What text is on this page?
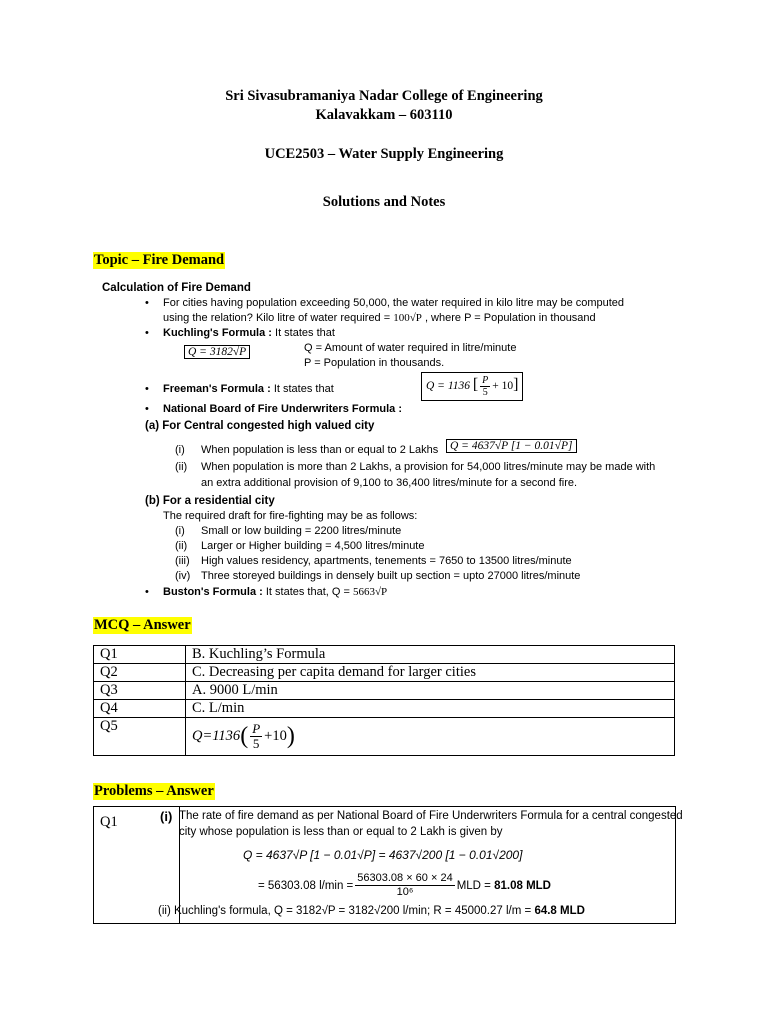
Sri Sivasubramaniya Nadar College of Engineering
Kalavakkam – 603110
UCE2503 – Water Supply Engineering
Solutions and Notes
Topic – Fire Demand
Calculation of Fire Demand
• For cities having population exceeding 50,000, the water required in kilo litre may be computed
using the relation? Kilo litre of water required = 100√P , where P = Population in thousand
• Kuchling's Formula : It states that
Q = 3182√P	Q = Amount of water required in litre/minute
P = Population in thousands.
• Freeman's Formula : It states that	Q = 1136 [ $\frac{P}{5} + 10$]
• National Board of Fire Underwriters Formula :
(a) For Central congested high valued city
(i) When population is less than or equal to 2 Lakhs	Q = 4637√P [1 − 0.01√P]
(ii) When population is more than 2 Lakhs, a provision for 54,000 litres/minute may be made with
an extra additional provision of 9,100 to 36,400 litres/minute for a second fire.
(b) For a residential city
The required draft for fire-fighting may be as follows:
(i) Small or low building = 2200 litres/minute
(ii) Larger or Higher building = 4,500 litres/minute
(iii) High values residency, apartments, tenements = 7650 to 13500 litres/minute
(iv) Three storeyed buildings in densely built up section = upto 27000 litres/minute
• Buston's Formula : It states that, Q = 5663√P
MCQ – Answer
Q1	B. Kuchling’s Formula
Q2	C. Decreasing per capita demand for larger cities
Q3	A. 9000 L/min
Q4	C. L/min
Q5	$Q=1136( \frac{P}{5} +10)$
Problems – Answer
Q1	(i) The rate of fire demand as per National Board of Fire Underwriters Formula for a central congested
city whose population is less than or equal to 2 Lakh is given by
Q = 4637√P [1 − 0.01√P] = 4637√200 [1 − 0.01√200]
= 56303.08 $l/\min = \frac{56303.08 \times 60 \times 24}{\text{10⁶}}$ MLD =
81.08 MLD
(ii) Kuchling's formula, Q = 3182√P = 3182√200 l/min; R = 45000.27 l/m = 64.8 MLD
